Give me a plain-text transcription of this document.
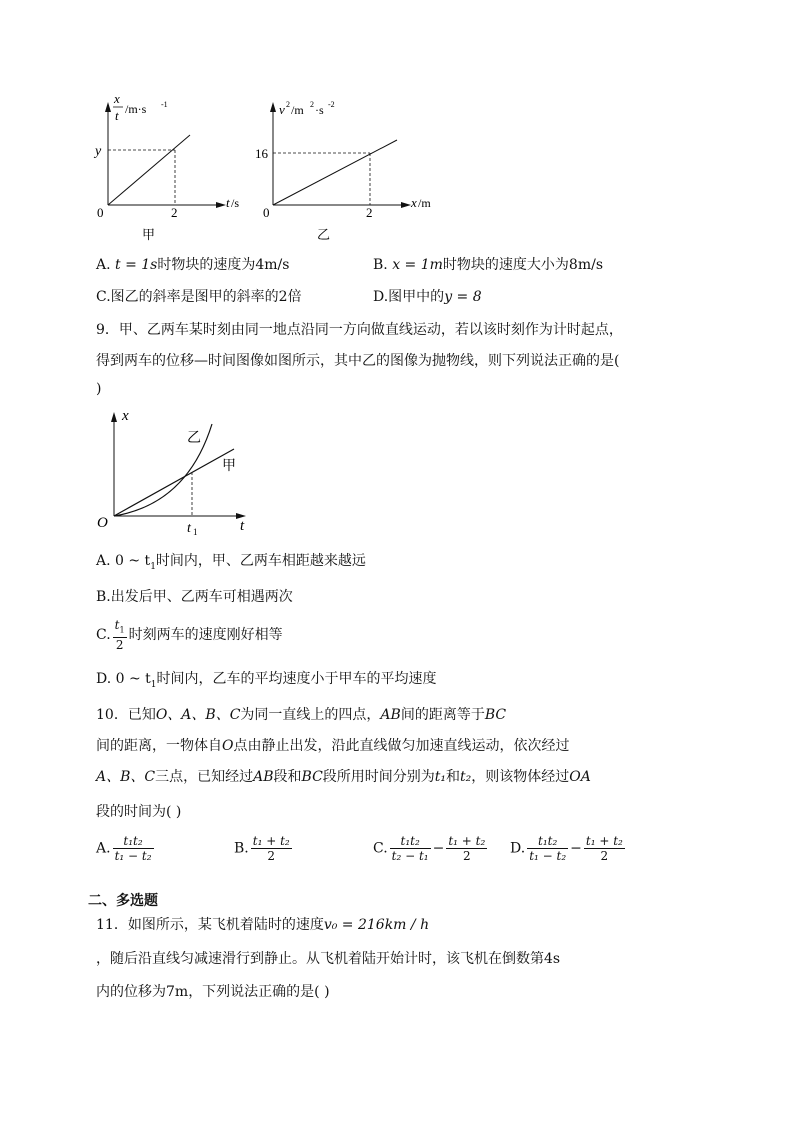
x
t /m·s -1
y
0	2
t /s
甲
v 2 /m 2 ·s -2
16
0	2
x /m
乙
A. t = 1s时物块的速度为4m/s	B. x = 1m时物块的速度大小为8m/s
C.图乙的斜率是图甲的斜率的2倍	D.图甲中的y = 8
9．甲、乙两车某时刻由同一地点沿同一方向做直线运动，若以该时刻作为计时起点，
得到两车的位移—时间图像如图所示，其中乙的图像为抛物线，则下列说法正确的是(
)
x
O	t
t 1
乙
甲
A. 0 ~ $t_1$时间内，甲、乙两车相距越来越远
B.出发后甲、乙两车可相遇两次
C. $\frac{t_1}{2}$ 时刻两车的速度刚好相等
D. 0 ~ $t_1$时间内，乙车的平均速度小于甲车的平均速度
10．已知O、A、B、C为同一直线上的四点，AB间的距离等于BC
间的距离，一物体自O点由静止出发，沿此直线做匀加速直线运动，依次经过
A、B、C三点，已知经过AB段和BC段所用时间分别为t₁和t₂，则该物体经过OA
段的时间为( )
A. $\frac{\text{t₁t₂}}{\text{t₁ − t₂}}$	B. $\frac{\text{t₁ + t₂}}{2}$	C. $\frac{\text{t₁t₂}}{\text{t₂ − t₁}} - \frac{\text{t₁ + t₂}}{2} D$. $\frac{\text{t₁t₂}}{\text{t₁ − t₂}} - \frac{\text{t₁ + t₂}}{2}$
二、多选题
11．如图所示，某飞机着陆时的速度v₀ = 216km / h
，随后沿直线匀减速滑行到静止。从飞机着陆开始计时，该飞机在倒数第4s
内的位移为7m，下列说法正确的是( )
